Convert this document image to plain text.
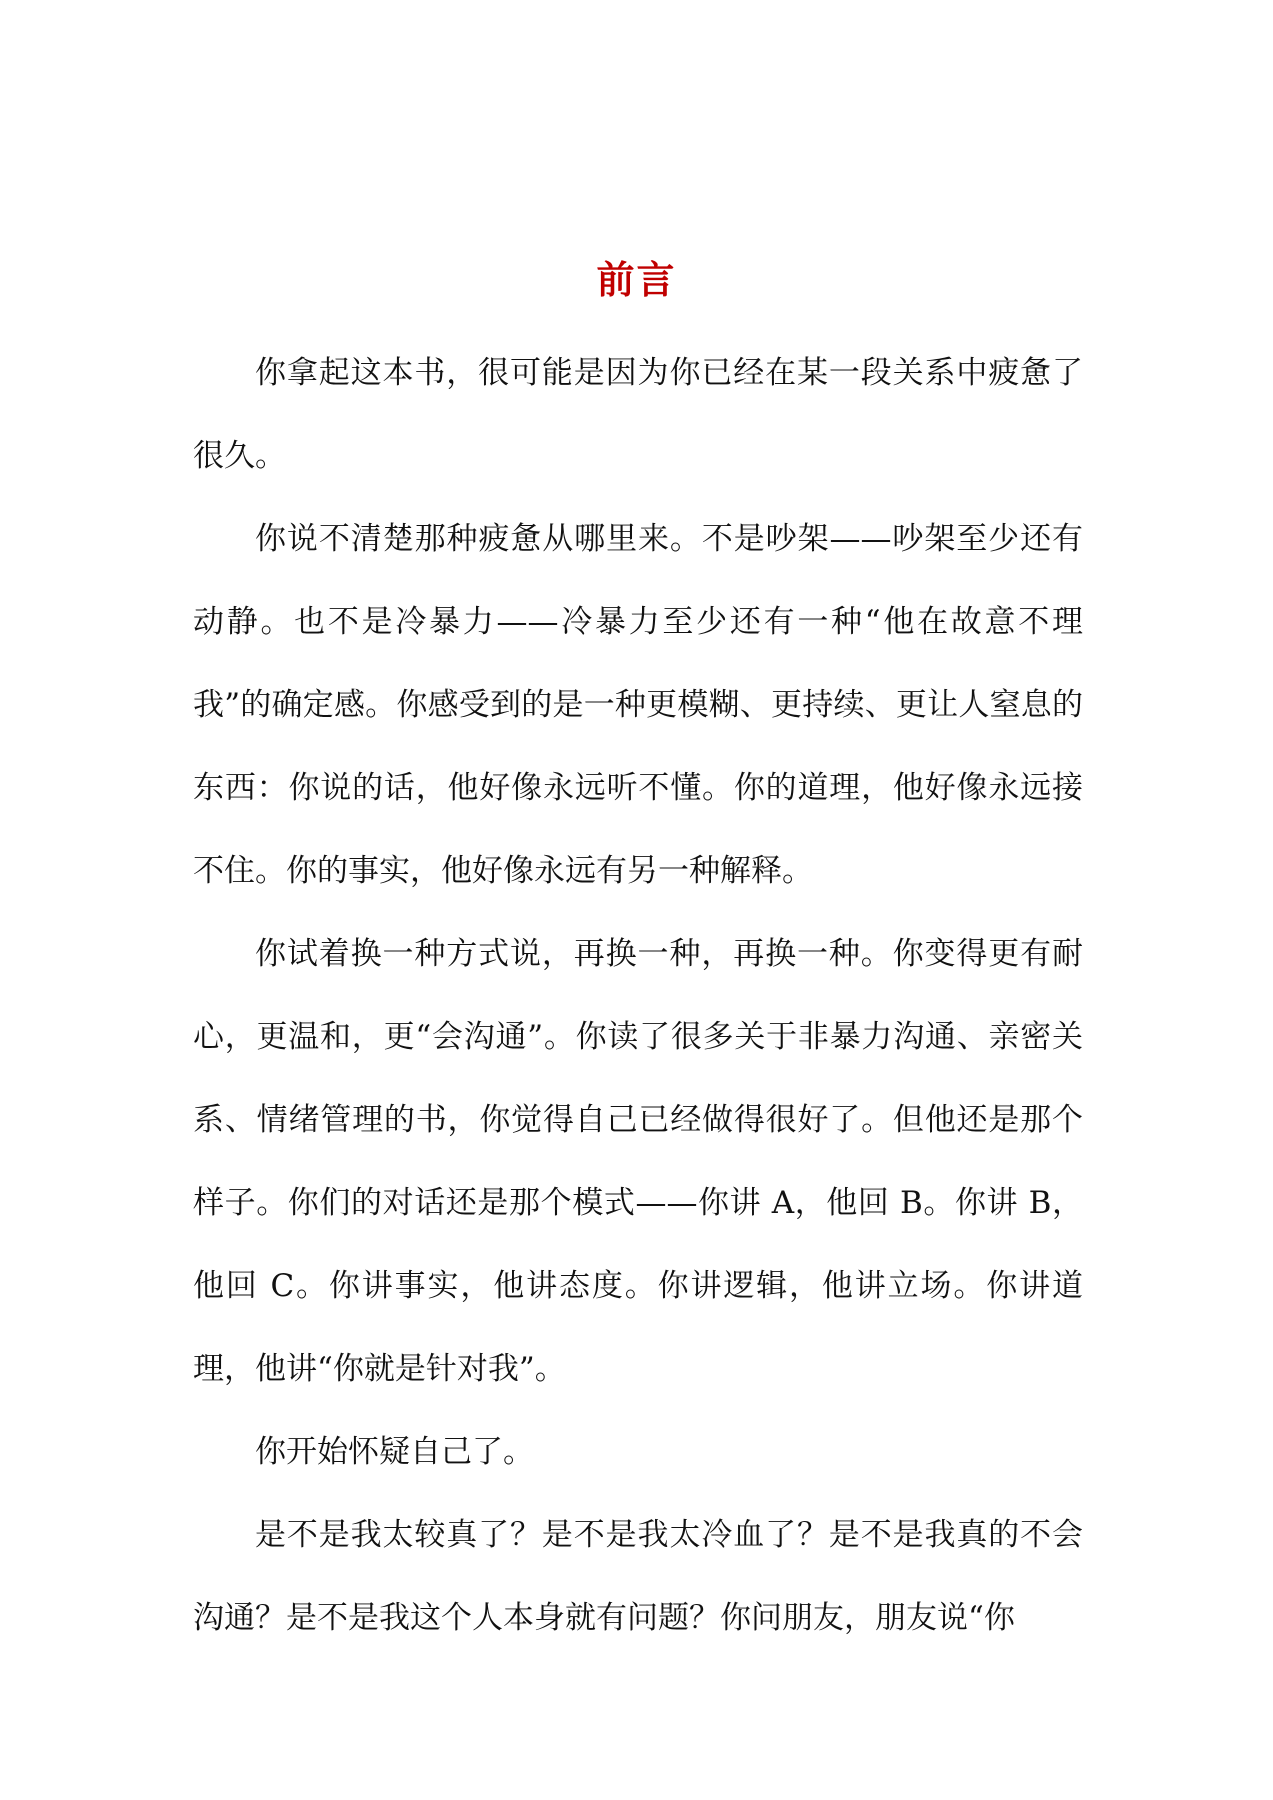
前言

你拿起这本书，很可能是因为你已经在某一段关系中疲惫了很久。

你说不清楚那种疲惫从哪里来。不是吵架——吵架至少还有动静。也不是冷暴力——冷暴力至少还有一种“他在故意不理我”的确定感。你感受到的是一种更模糊、更持续、更让人窒息的东西：你说的话，他好像永远听不懂。你的道理，他好像永远接不住。你的事实，他好像永远有另一种解释。

你试着换一种方式说，再换一种，再换一种。你变得更有耐心，更温和，更“会沟通”。你读了很多关于非暴力沟通、亲密关系、情绪管理的书，你觉得自己已经做得很好了。但他还是那个样子。你们的对话还是那个模式——你讲 A，他回 B。你讲 B，他回 C。你讲事实，他讲态度。你讲逻辑，他讲立场。你讲道理，他讲“你就是针对我”。

你开始怀疑自己了。

是不是我太较真了？是不是我太冷血了？是不是我真的不会沟通？是不是我这个人本身就有问题？你问朋友，朋友说“你
